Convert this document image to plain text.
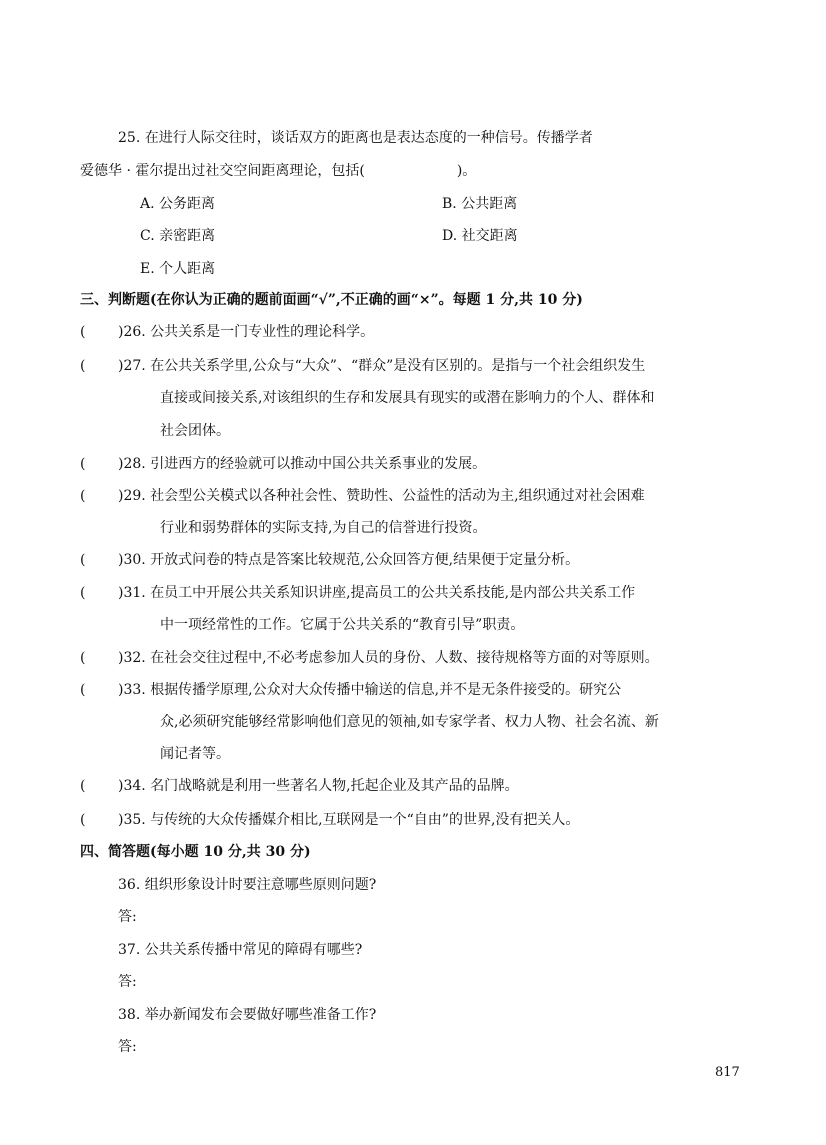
25. 在进行人际交往时，谈话双方的距离也是表达态度的一种信号。传播学者
爱德华 · 霍尔提出过社交空间距离理论，包括(	)。
A. 公务距离	B. 公共距离
C. 亲密距离	D. 社交距离
E. 个人距离
三、判断题(在你认为正确的题前面画“√”,不正确的画“×”。每题 1 分,共 10 分)
( )26. 公共关系是一门专业性的理论科学。
( )27. 在公共关系学里,公众与“大众”、“群众”是没有区别的。是指与一个社会组织发生
直接或间接关系,对该组织的生存和发展具有现实的或潜在影响力的个人、群体和
社会团体。
( )28. 引进西方的经验就可以推动中国公共关系事业的发展。
( )29. 社会型公关模式以各种社会性、赞助性、公益性的活动为主,组织通过对社会困难
行业和弱势群体的实际支持,为自己的信誉进行投资。
( )30. 开放式问卷的特点是答案比较规范,公众回答方便,结果便于定量分析。
( )31. 在员工中开展公共关系知识讲座,提高员工的公共关系技能,是内部公共关系工作
中一项经常性的工作。它属于公共关系的“教育引导”职责。
( )32. 在社会交往过程中,不必考虑参加人员的身份、人数、接待规格等方面的对等原则。
( )33. 根据传播学原理,公众对大众传播中输送的信息,并不是无条件接受的。研究公
众,必须研究能够经常影响他们意见的领袖,如专家学者、权力人物、社会名流、新
闻记者等。
( )34. 名门战略就是利用一些著名人物,托起企业及其产品的品牌。
( )35. 与传统的大众传播媒介相比,互联网是一个“自由”的世界,没有把关人。
四、简答题(每小题 10 分,共 30 分)
36. 组织形象设计时要注意哪些原则问题?
答:
37. 公共关系传播中常见的障碍有哪些?
答:
38. 举办新闻发布会要做好哪些准备工作?
答:
817
